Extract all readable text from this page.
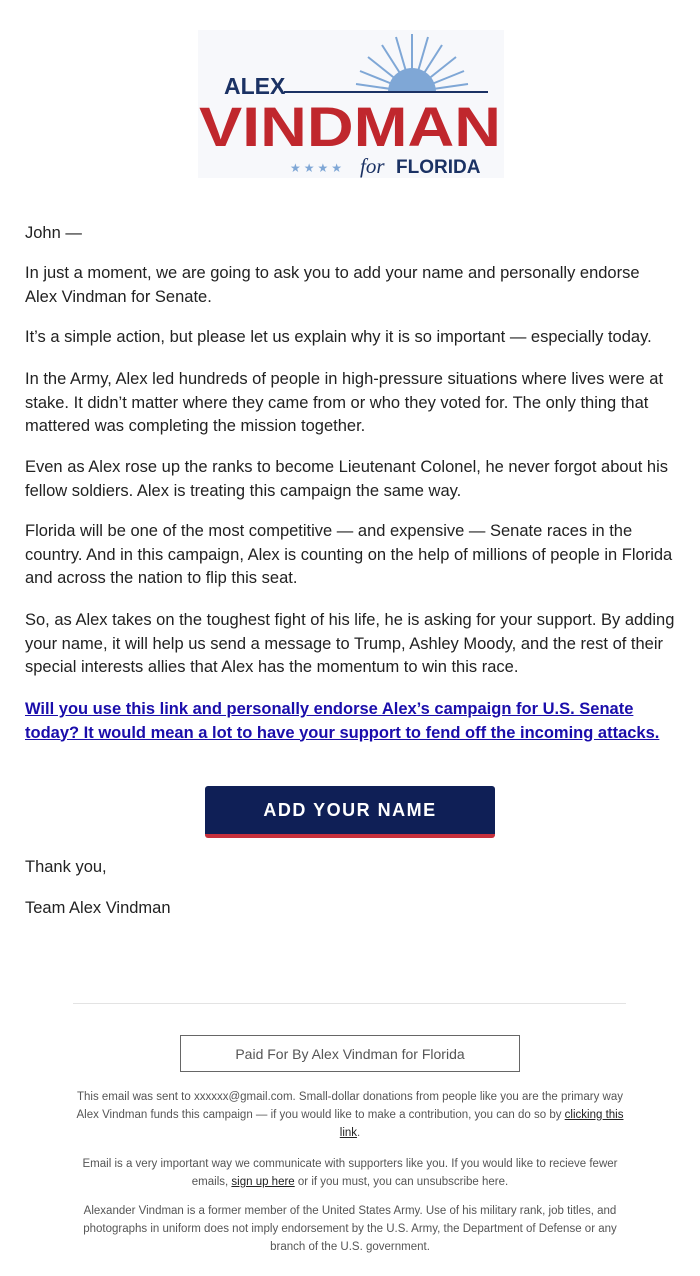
ALEX
VINDMAN
★★★★ for FLORIDA
John —
In just a moment, we are going to ask you to add your name and personally endorse Alex Vindman for Senate.
It’s a simple action, but please let us explain why it is so important — especially today.
In the Army, Alex led hundreds of people in high-pressure situations where lives were at stake. It didn’t matter where they came from or who they voted for. The only thing that mattered was completing the mission together.
Even as Alex rose up the ranks to become Lieutenant Colonel, he never forgot about his fellow soldiers. Alex is treating this campaign the same way.
Florida will be one of the most competitive — and expensive — Senate races in the country. And in this campaign, Alex is counting on the help of millions of people in Florida and across the nation to flip this seat.
So, as Alex takes on the toughest fight of his life, he is asking for your support. By adding your name, it will help us send a message to Trump, Ashley Moody, and the rest of their special interests allies that Alex has the momentum to win this race.
Will you use this link and personally endorse Alex’s campaign for U.S. Senate today? It would mean a lot to have your support to fend off the incoming attacks.
ADD YOUR NAME
Thank you,
Team Alex Vindman
Paid For By Alex Vindman for Florida
This email was sent to xxxxxx@gmail.com. Small-dollar donations from people like you are the primary way Alex Vindman funds this campaign — if you would like to make a contribution, you can do so by clicking this link.
Email is a very important way we communicate with supporters like you. If you would like to recieve fewer emails, sign up here or if you must, you can unsubscribe here.
Alexander Vindman is a former member of the United States Army. Use of his military rank, job titles, and photographs in uniform does not imply endorsement by the U.S. Army, the Department of Defense or any branch of the U.S. government.
